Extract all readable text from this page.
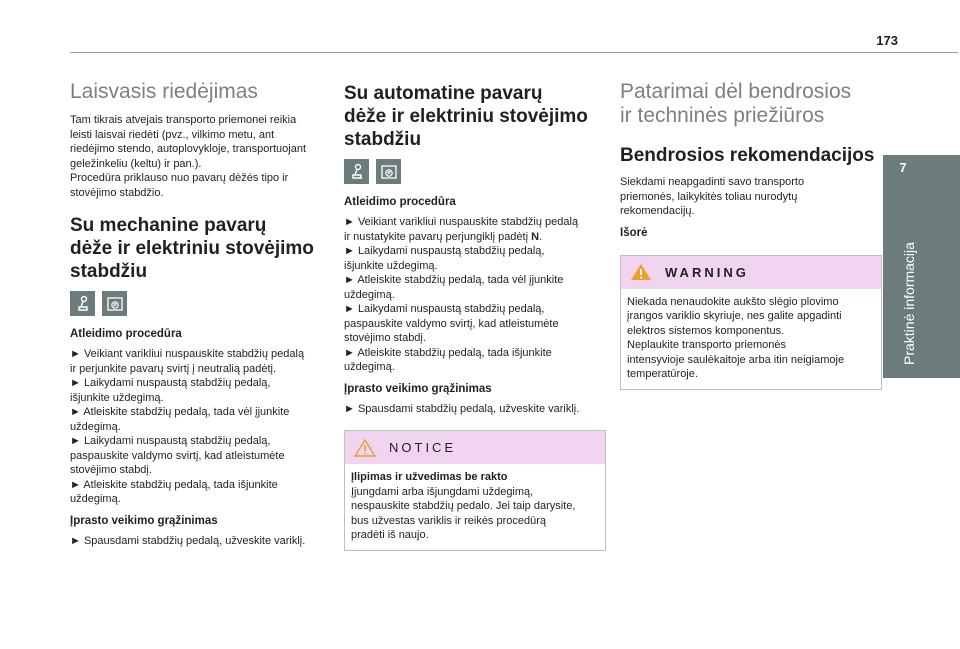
173
7
Praktinė informacija
Laisvasis riedėjimas

Tam tikrais atvejais transporto priemonei reikia
leisti laisvai riedėti (pvz., vilkimo metu, ant
riedėjimo stendo, autoplovykloje, transportuojant
geležinkeliu (keltu) ir pan.).
Procedūra priklauso nuo pavarų dėžės tipo ir
stovėjimo stabdžio.

Su mechanine pavarų
dėže ir elektriniu stovėjimo
stabdžiu
Atleidimo procedūra

► Veikiant varikliui nuspauskite stabdžių pedalą
ir perjunkite pavarų svirtį į neutralią padėtį.
► Laikydami nuspaustą stabdžių pedalą,
išjunkite uždegimą.
► Atleiskite stabdžių pedalą, tada vėl įjunkite
uždegimą.
► Laikydami nuspaustą stabdžių pedalą,
paspauskite valdymo svirtį, kad atleistumėte
stovėjimo stabdį.
► Atleiskite stabdžių pedalą, tada išjunkite
uždegimą.

Įprasto veikimo grąžinimas

► Spausdami stabdžių pedalą, užveskite variklį.

Su automatine pavarų
dėže ir elektriniu stovėjimo
stabdžiu
A
Atleidimo procedūra

► Veikiant varikliui nuspauskite stabdžių pedalą
ir nustatykite pavarų perjungiklį padėtį N.
► Laikydami nuspaustą stabdžių pedalą,
išjunkite uždegimą.
► Atleiskite stabdžių pedalą, tada vėl įjunkite
uždegimą.
► Laikydami nuspaustą stabdžių pedalą,
paspauskite valdymo svirtį, kad atleistumėte
stovėjimo stabdį.
► Atleiskite stabdžių pedalą, tada išjunkite
uždegimą.

Įprasto veikimo grąžinimas

► Spausdami stabdžių pedalą, užveskite variklį.

NOTICE

Įlipimas ir užvedimas be rakto

Įjungdami arba išjungdami uždegimą,
nespauskite stabdžių pedalo. Jei taip darysite,
bus užvestas variklis ir reikės procedūrą
pradėti iš naujo.

Patarimai dėl bendrosios
ir techninės priežiūros
Bendrosios rekomendacijos

Siekdami neapgadinti savo transporto
priemonės, laikykitės toliau nurodytų
rekomendacijų.

Išorė
WARNING

Niekada nenaudokite aukšto slėgio plovimo
įrangos variklio skyriuje, nes galite apgadinti
elektros sistemos komponentus.
Neplaukite transporto priemonės
intensyvioje saulėkaitoje arba itin neigiamoje
temperatūroje.
